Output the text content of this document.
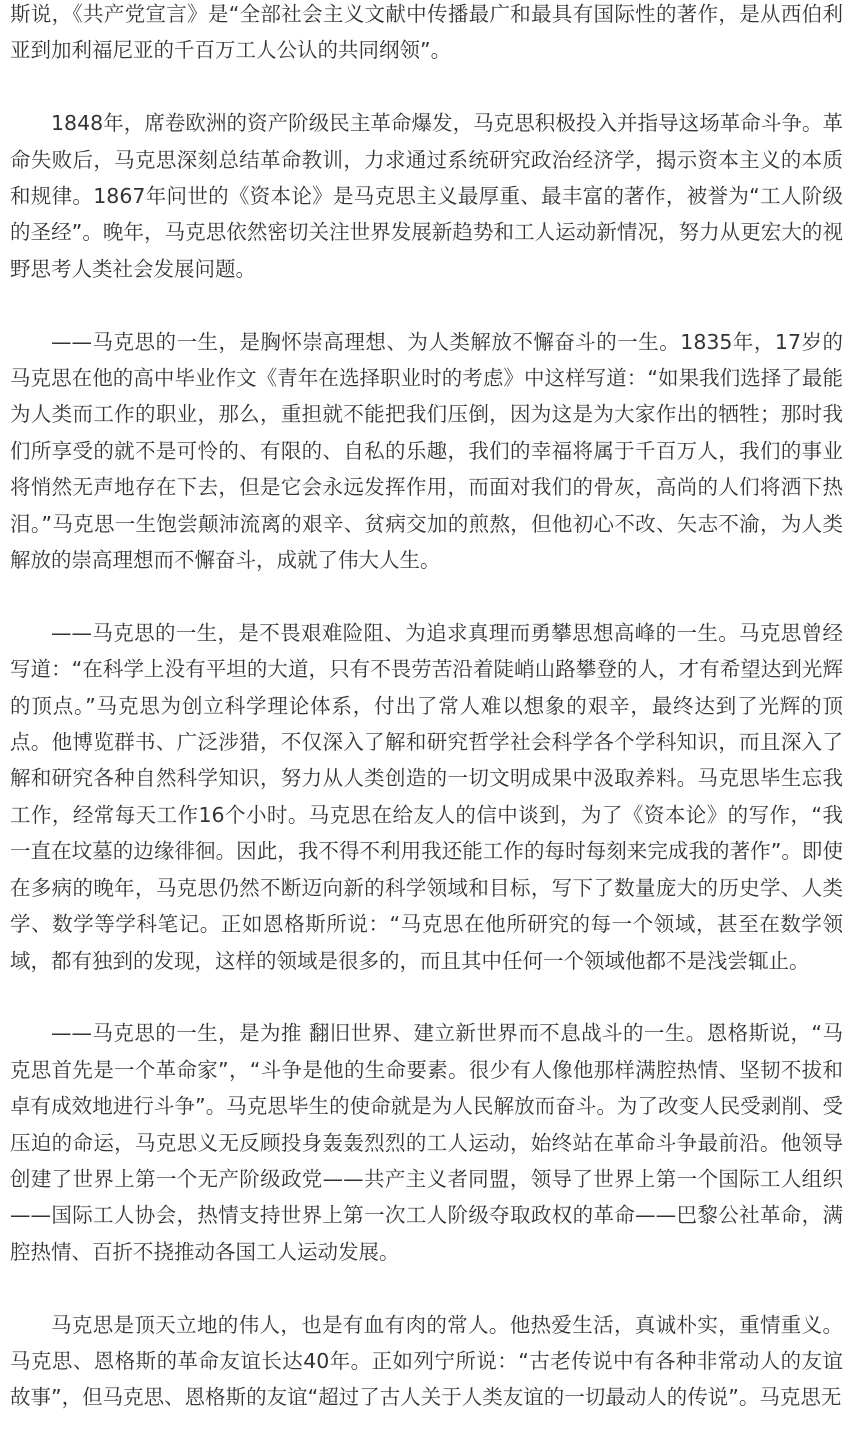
斯说，《共产党宣言》是“全部社会主义文献中传播最广和最具有国际性的著作，是从西伯利亚到加利福尼亚的千百万工人公认的共同纲领”。

1848年，席卷欧洲的资产阶级民主革命爆发，马克思积极投入并指导这场革命斗争。革命失败后，马克思深刻总结革命教训，力求通过系统研究政治经济学，揭示资本主义的本质和规律。1867年问世的《资本论》是马克思主义最厚重、最丰富的著作，被誉为“工人阶级的圣经”。晚年，马克思依然密切关注世界发展新趋势和工人运动新情况，努力从更宏大的视野思考人类社会发展问题。

——马克思的一生，是胸怀崇高理想、为人类解放不懈奋斗的一生。1835年，17岁的马克思在他的高中毕业作文《青年在选择职业时的考虑》中这样写道：“如果我们选择了最能为人类而工作的职业，那么，重担就不能把我们压倒，因为这是为大家作出的牺牲；那时我们所享受的就不是可怜的、有限的、自私的乐趣，我们的幸福将属于千百万人，我们的事业将悄然无声地存在下去，但是它会永远发挥作用，而面对我们的骨灰，高尚的人们将洒下热泪。”马克思一生饱尝颠沛流离的艰辛、贫病交加的煎熬，但他初心不改、矢志不渝，为人类解放的崇高理想而不懈奋斗，成就了伟大人生。

——马克思的一生，是不畏艰难险阻、为追求真理而勇攀思想高峰的一生。马克思曾经写道：“在科学上没有平坦的大道，只有不畏劳苦沿着陡峭山路攀登的人，才有希望达到光辉的顶点。”马克思为创立科学理论体系，付出了常人难以想象的艰辛，最终达到了光辉的顶点。他博览群书、广泛涉猎，不仅深入了解和研究哲学社会科学各个学科知识，而且深入了解和研究各种自然科学知识，努力从人类创造的一切文明成果中汲取养料。马克思毕生忘我工作，经常每天工作16个小时。马克思在给友人的信中谈到，为了《资本论》的写作，“我一直在坟墓的边缘徘徊。因此，我不得不利用我还能工作的每时每刻来完成我的著作”。即使在多病的晚年，马克思仍然不断迈向新的科学领域和目标，写下了数量庞大的历史学、人类学、数学等学科笔记。正如恩格斯所说：“马克思在他所研究的每一个领域，甚至在数学领域，都有独到的发现，这样的领域是很多的，而且其中任何一个领域他都不是浅尝辄止。

——马克思的一生，是为推 翻旧世界、建立新世界而不息战斗的一生。恩格斯说，“马克思首先是一个革命家”，“斗争是他的生命要素。很少有人像他那样满腔热情、坚韧不拔和卓有成效地进行斗争”。马克思毕生的使命就是为人民解放而奋斗。为了改变人民受剥削、受压迫的命运，马克思义无反顾投身轰轰烈烈的工人运动，始终站在革命斗争最前沿。他领导创建了世界上第一个无产阶级政党——共产主义者同盟，领导了世界上第一个国际工人组织——国际工人协会，热情支持世界上第一次工人阶级夺取政权的革命——巴黎公社革命，满腔热情、百折不挠推动各国工人运动发展。

马克思是顶天立地的伟人，也是有血有肉的常人。他热爱生活，真诚朴实，重情重义。马克思、恩格斯的革命友谊长达40年。正如列宁所说：“古老传说中有各种非常动人的友谊故事”，但马克思、恩格斯的友谊“超过了古人关于人类友谊的一切最动人的传说”。马克思无
